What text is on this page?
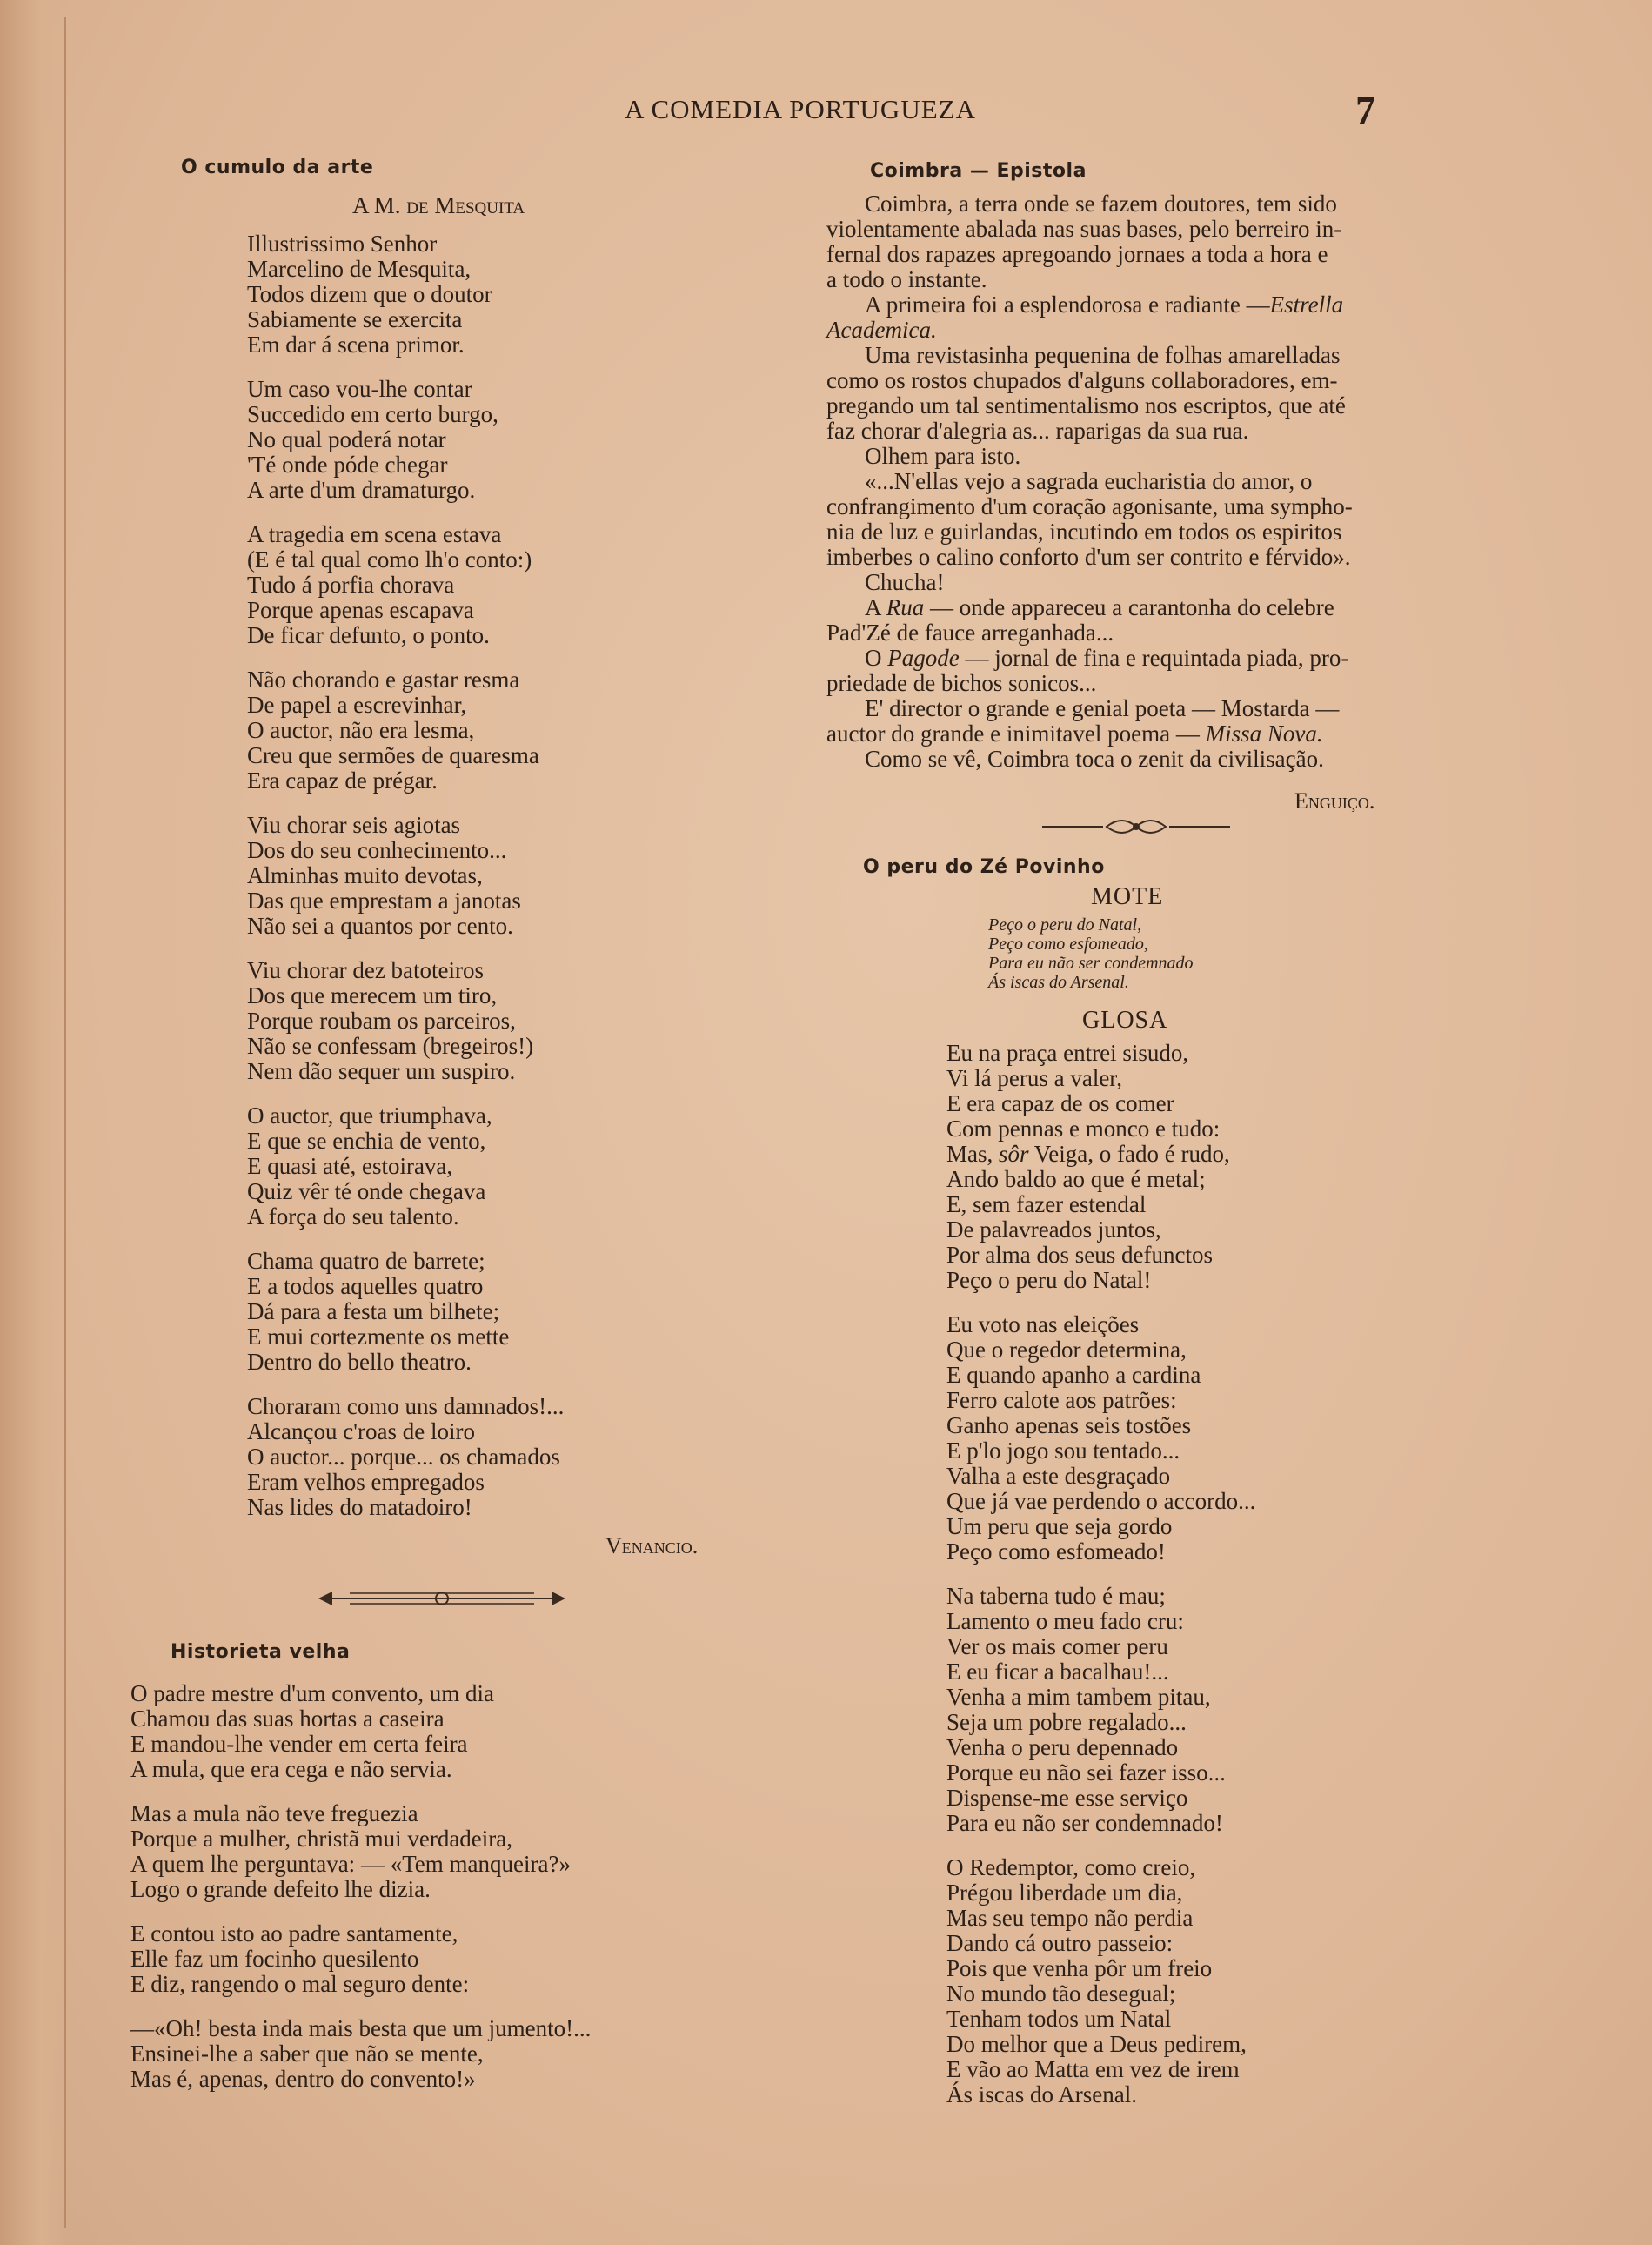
A COMEDIA PORTUGUEZA	7
O cumulo da arte
A M. de Mesquita
Illustrissimo Senhor
Marcelino de Mesquita,
Todos dizem que o doutor
Sabiamente se exercita
Em dar á scena primor.
Um caso vou-lhe contar
Succedido em certo burgo,
No qual poderá notar
'Té onde póde chegar
A arte d'um dramaturgo.
A tragedia em scena estava
(E é tal qual como lh'o conto:)
Tudo á porfia chorava
Porque apenas escapava
De ficar defunto, o ponto.
Não chorando e gastar resma
De papel a escrevinhar,
O auctor, não era lesma,
Creu que sermões de quaresma
Era capaz de prégar.
Viu chorar seis agiotas
Dos do seu conhecimento...
Alminhas muito devotas,
Das que emprestam a janotas
Não sei a quantos por cento.
Viu chorar dez batoteiros
Dos que merecem um tiro,
Porque roubam os parceiros,
Não se confessam (bregeiros!)
Nem dão sequer um suspiro.
O auctor, que triumphava,
E que se enchia de vento,
E quasi até, estoirava,
Quiz vêr té onde chegava
A força do seu talento.
Chama quatro de barrete;
E a todos aquelles quatro
Dá para a festa um bilhete;
E mui cortezmente os mette
Dentro do bello theatro.
Choraram como uns damnados!...
Alcançou c'roas de loiro
O auctor... porque... os chamados
Eram velhos empregados
Nas lides do matadoiro!
Venancio.
Historieta velha
O padre mestre d'um convento, um dia
Chamou das suas hortas a caseira
E mandou-lhe vender em certa feira
A mula, que era cega e não servia.
Mas a mula não teve freguezia
Porque a mulher, christã mui verdadeira,
A quem lhe perguntava: — «Tem manqueira?»
Logo o grande defeito lhe dizia.
E contou isto ao padre santamente,
Elle faz um focinho quesilento
E diz, rangendo o mal seguro dente:
—«Oh! besta inda mais besta que um jumento!...
Ensinei-lhe a saber que não se mente,
Mas é, apenas, dentro do convento!»
Coimbra — Epistola
Coimbra, a terra onde se fazem doutores, tem sido
violentamente abalada nas suas bases, pelo berreiro in-
fernal dos rapazes apregoando jornaes a toda a hora e
a todo o instante.
A primeira foi a esplendorosa e radiante —Estrella
Academica.
Uma revistasinha pequenina de folhas amarelladas
como os rostos chupados d'alguns collaboradores, em-
pregando um tal sentimentalismo nos escriptos, que até
faz chorar d'alegria as... raparigas da sua rua.
Olhem para isto.
«...N'ellas vejo a sagrada eucharistia do amor, o
confrangimento d'um coração agonisante, uma sympho-
nia de luz e guirlandas, incutindo em todos os espiritos
imberbes o calino conforto d'um ser contrito e férvido».
Chucha!
A Rua — onde appareceu a carantonha do celebre
Pad'Zé de fauce arreganhada...
O Pagode — jornal de fina e requintada piada, pro-
priedade de bichos sonicos...
E' director o grande e genial poeta — Mostarda —
auctor do grande e inimitavel poema — Missa Nova.
Como se vê, Coimbra toca o zenit da civilisação.
Enguiço.
O peru do Zé Povinho
MOTE
Peço o peru do Natal,
Peço como esfomeado,
Para eu não ser condemnado
Ás iscas do Arsenal.
GLOSA
Eu na praça entrei sisudo,
Vi lá perus a valer,
E era capaz de os comer
Com pennas e monco e tudo:
Mas, sôr Veiga, o fado é rudo,
Ando baldo ao que é metal;
E, sem fazer estendal
De palavreados juntos,
Por alma dos seus defunctos
Peço o peru do Natal!
Eu voto nas eleições
Que o regedor determina,
E quando apanho a cardina
Ferro calote aos patrões:
Ganho apenas seis tostões
E p'lo jogo sou tentado...
Valha a este desgraçado
Que já vae perdendo o accordo...
Um peru que seja gordo
Peço como esfomeado!
Na taberna tudo é mau;
Lamento o meu fado cru:
Ver os mais comer peru
E eu ficar a bacalhau!...
Venha a mim tambem pitau,
Seja um pobre regalado...
Venha o peru depennado
Porque eu não sei fazer isso...
Dispense-me esse serviço
Para eu não ser condemnado!
O Redemptor, como creio,
Prégou liberdade um dia,
Mas seu tempo não perdia
Dando cá outro passeio:
Pois que venha pôr um freio
No mundo tão desegual;
Tenham todos um Natal
Do melhor que a Deus pedirem,
E vão ao Matta em vez de irem
Ás iscas do Arsenal.
